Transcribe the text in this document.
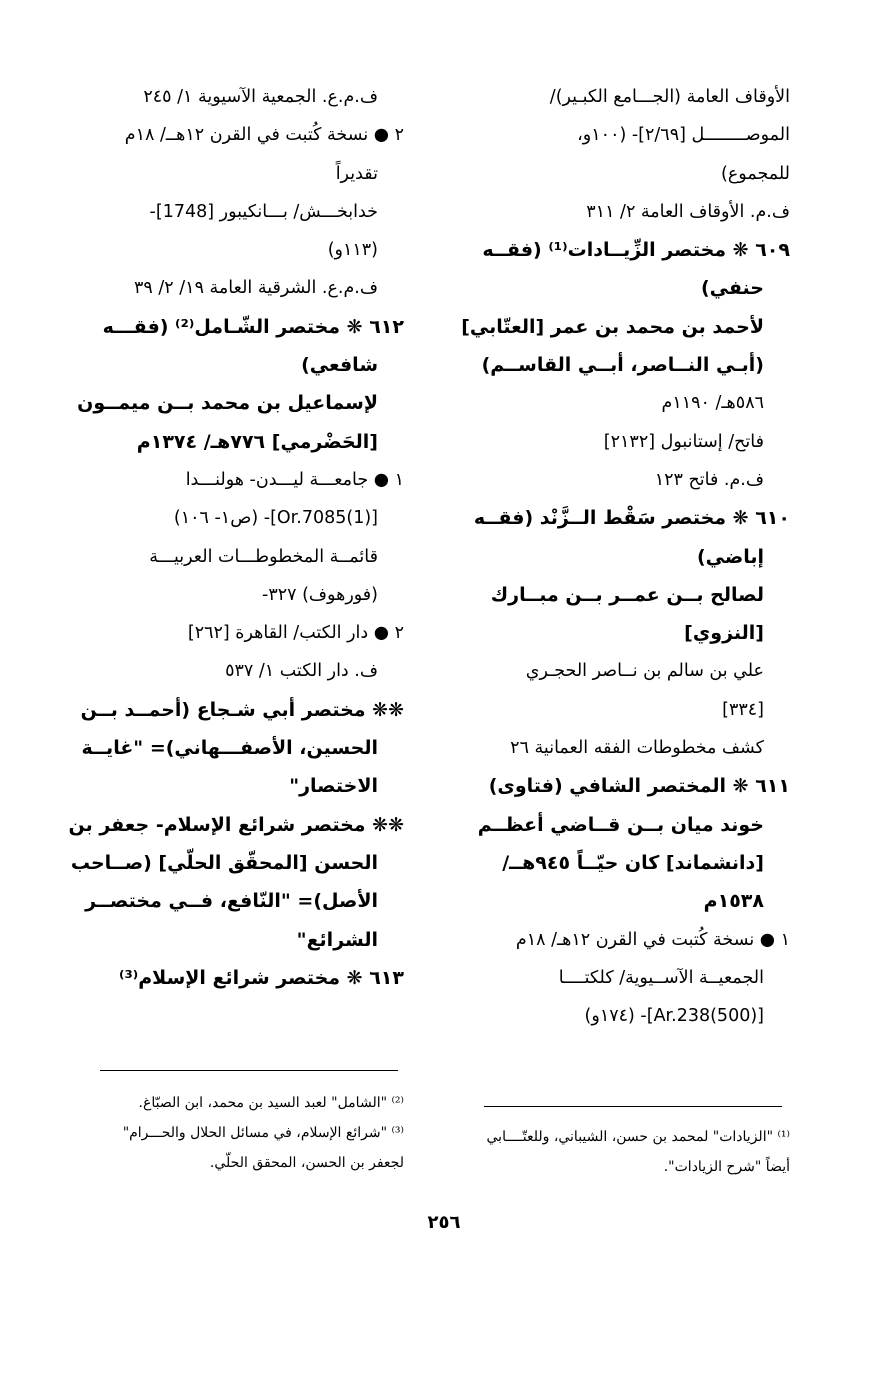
الأوقاف العامة (الجـــامع الكبـير)/
الموصــــــــل [٢/٦٩]- (١٠٠و،
للمجموع)
ف.م. الأوقاف العامة ٢/ ٣١١
٦٠٩ ❋ مختصر الزِّيــادات⁽¹⁾ (فقــه
حنفي)
لأحمد بن محمد بن عمر [العتّابي]
(أبـي النــاصر، أبــي القاســم)
٥٨٦هـ/ ١١٩٠م
فاتح/ إستانبول [٢١٣٢]
ف.م. فاتح ١٢٣
٦١٠ ❋ مختصر سَقْط الــزَّنْد (فقــه
إباضي)
لصالح بــن عمــر بــن مبــارك
[النزوي]
علي بن سالم بن نــاصر الحجـري
[٣٣٤]
كشف مخطوطات الفقه العمانية ٢٦
٦١١ ❋ المختصر الشافي (فتاوى)
خوند ميان بــن قــاضي أعظــم
[دانشماند] كان حيّــاً ٩٤٥هــ/
١٥٣٨م
١ ● نسخة كُتبت في القرن ١٢هـ/ ١٨م
الجمعيــة الآســيوية/ كلكتــــا
[Ar.238(500)]- (١٧٤و)
ف.م.ع. الجمعية الآسيوية ١/ ٢٤٥
٢ ● نسخة كُتبت في القرن ١٢هــ/ ١٨م
تقديراً
خدابخـــش/ بـــانكيبور [1748]-
(١١٣و)
ف.م.ع. الشرقية العامة ١٩/ ٢/ ٣٩
٦١٢ ❋ مختصر الشّـامل⁽²⁾ (فقـــه
شافعي)
لإسماعيل بن محمد بــن ميمــون
[الحَضْرمي] ٧٧٦هـ/ ١٣٧٤م
١ ● جامعـــة ليـــدن- هولنـــدا
[Or.7085(1)]- (ص١- ١٠٦)
قائمــة المخطوطـــات العربيـــة
(فورهوف) ٣٢٧-
٢ ● دار الكتب/ القاهرة [٢٦٢]
ف. دار الكتب ١/ ٥٣٧
❋❋ مختصر أبي شـجاع (أحمــد بــن
الحسين، الأصفـــهاني)= "غايــة
الاختصار"
❋❋ مختصر شرائع الإسلام- جعفر بن
الحسن [المحقّق الحلّي] (صــاحب
الأصل)= "النّافع، فــي مختصــر
الشرائع"
٦١٣ ❋ مختصر شرائع الإسلام⁽³⁾
⁽¹⁾ "الزيادات" لمحمد بن حسن، الشيباني، وللعتّــــابي
أيضاً "شرح الزيادات".
⁽²⁾ "الشامل" لعبد السيد بن محمد، ابن الصبّاغ.
⁽³⁾ "شرائع الإسلام، في مسائل الحلال والحـــرام"
لجعفر بن الحسن، المحقق الحلّي.
٢٥٦
